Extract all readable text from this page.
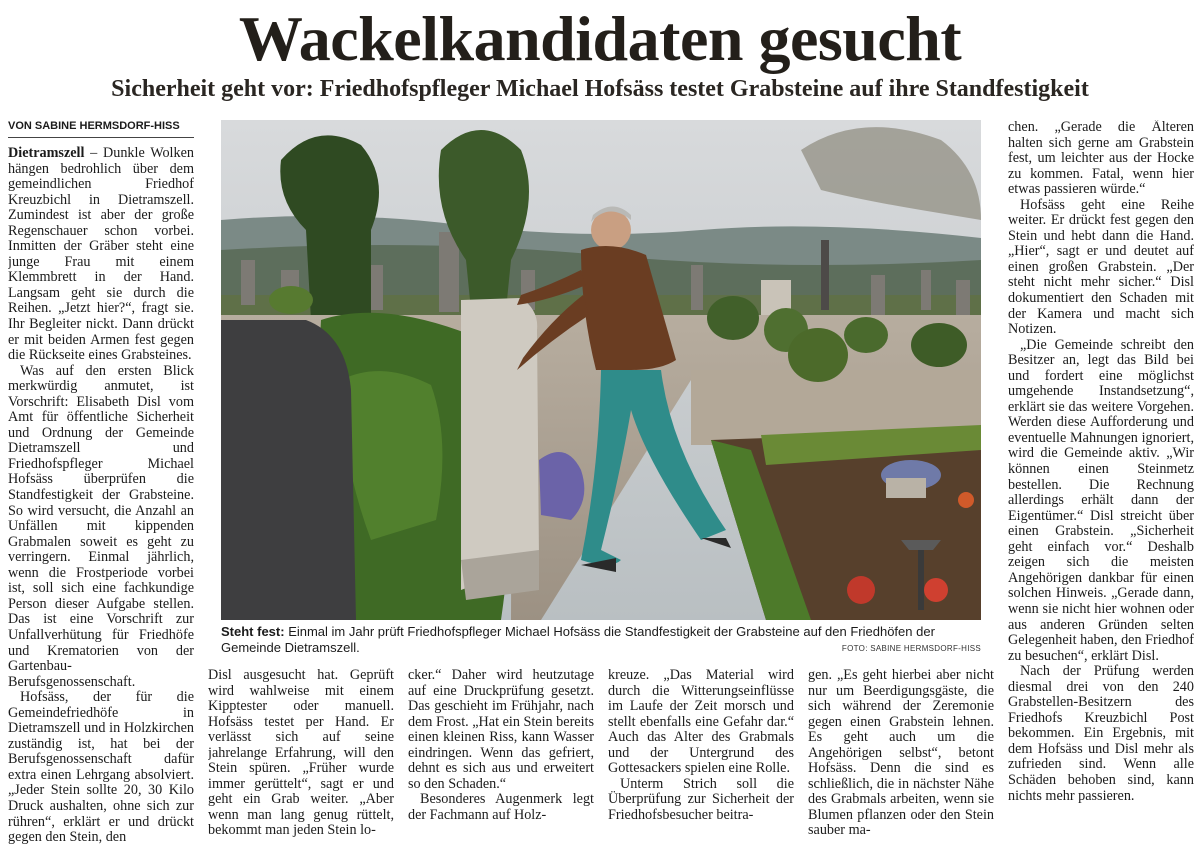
Wackelkandidaten gesucht
Sicherheit geht vor: Friedhofspfleger Michael Hofsäss testet Grabsteine auf ihre Standfestigkeit
VON SABINE HERMSDORF-HISS

Dietramszell – Dunkle Wolken hängen bedrohlich über dem gemeindlichen Friedhof Kreuzbichl in Dietramszell. Zumindest ist aber der große Regenschauer schon vorbei. Inmitten der Gräber steht eine junge Frau mit einem Klemmbrett in der Hand. Langsam geht sie durch die Reihen. „Jetzt hier?“, fragt sie. Ihr Begleiter nickt. Dann drückt er mit beiden Armen fest gegen die Rückseite eines Grabsteines.

Was auf den ersten Blick merkwürdig anmutet, ist Vorschrift: Elisabeth Disl vom Amt für öffentliche Sicherheit und Ordnung der Gemeinde Dietramszell und Friedhofspfleger Michael Hofsäss überprüfen die Standfestigkeit der Grabsteine. So wird versucht, die Anzahl an Unfällen mit kippenden Grabmalen soweit es geht zu verringern. Einmal jährlich, wenn die Frostperiode vorbei ist, soll sich eine fachkundige Person dieser Aufgabe stellen. Das ist eine Vorschrift zur Unfallverhütung für Friedhöfe und Krematorien von der Gartenbau-Berufsgenossenschaft.

Hofsäss, der für die Gemeindefriedhöfe in Dietramszell und in Holzkirchen zuständig ist, hat bei der Berufsgenossenschaft dafür extra einen Lehrgang absolviert. „Jeder Stein sollte 20, 30 Kilo Druck aushalten, ohne sich zur rühren“, erklärt er und drückt gegen den Stein, den

Steht fest: Einmal im Jahr prüft Friedhofspfleger Michael Hofsäss die Standfestigkeit der Grabsteine auf den Friedhöfen der Gemeinde Dietramszell.	FOTO: SABINE HERMSDORF-HISS

Disl ausgesucht hat. Geprüft wird wahlweise mit einem Kipptester oder manuell. Hofsäss testet per Hand. Er verlässt sich auf seine jahrelange Erfahrung, will den Stein spüren. „Früher wurde immer gerüttelt“, sagt er und geht ein Grab weiter. „Aber wenn man lang genug rüttelt, bekommt man jeden Stein lo-

cker.“ Daher wird heutzutage auf eine Druckprüfung gesetzt. Das geschieht im Frühjahr, nach dem Frost. „Hat ein Stein bereits einen kleinen Riss, kann Wasser eindringen. Wenn das gefriert, dehnt es sich aus und erweitert so den Schaden.“

Besonderes Augenmerk legt der Fachmann auf Holz-

kreuze. „Das Material wird durch die Witterungseinflüsse im Laufe der Zeit morsch und stellt ebenfalls eine Gefahr dar.“ Auch das Alter des Grabmals und der Untergrund des Gottesackers spielen eine Rolle.

Unterm Strich soll die Überprüfung zur Sicherheit der Friedhofsbesucher beitra-

gen. „Es geht hierbei aber nicht nur um Beerdigungsgäste, die sich während der Zeremonie gegen einen Grabstein lehnen. Es geht auch um die Angehörigen selbst“, betont Hofsäss. Denn die sind es schließlich, die in nächster Nähe des Grabmals arbeiten, wenn sie Blumen pflanzen oder den Stein sauber ma-

chen. „Gerade die Älteren halten sich gerne am Grabstein fest, um leichter aus der Hocke zu kommen. Fatal, wenn hier etwas passieren würde.“

Hofsäss geht eine Reihe weiter. Er drückt fest gegen den Stein und hebt dann die Hand. „Hier“, sagt er und deutet auf einen großen Grabstein. „Der steht nicht mehr sicher.“ Disl dokumentiert den Schaden mit der Kamera und macht sich Notizen.

„Die Gemeinde schreibt den Besitzer an, legt das Bild bei und fordert eine möglichst umgehende Instandsetzung“, erklärt sie das weitere Vorgehen. Werden diese Aufforderung und eventuelle Mahnungen ignoriert, wird die Gemeinde aktiv. „Wir können einen Steinmetz bestellen. Die Rechnung allerdings erhält dann der Eigentümer.“ Disl streicht über einen Grabstein. „Sicherheit geht einfach vor.“ Deshalb zeigen sich die meisten Angehörigen dankbar für einen solchen Hinweis. „Gerade dann, wenn sie nicht hier wohnen oder aus anderen Gründen selten Gelegenheit haben, den Friedhof zu besuchen“, erklärt Disl.

Nach der Prüfung werden diesmal drei von den 240 Grabstellen-Besitzern des Friedhofs Kreuzbichl Post bekommen. Ein Ergebnis, mit dem Hofsäss und Disl mehr als zufrieden sind. Wenn alle Schäden behoben sind, kann nichts mehr passieren.
